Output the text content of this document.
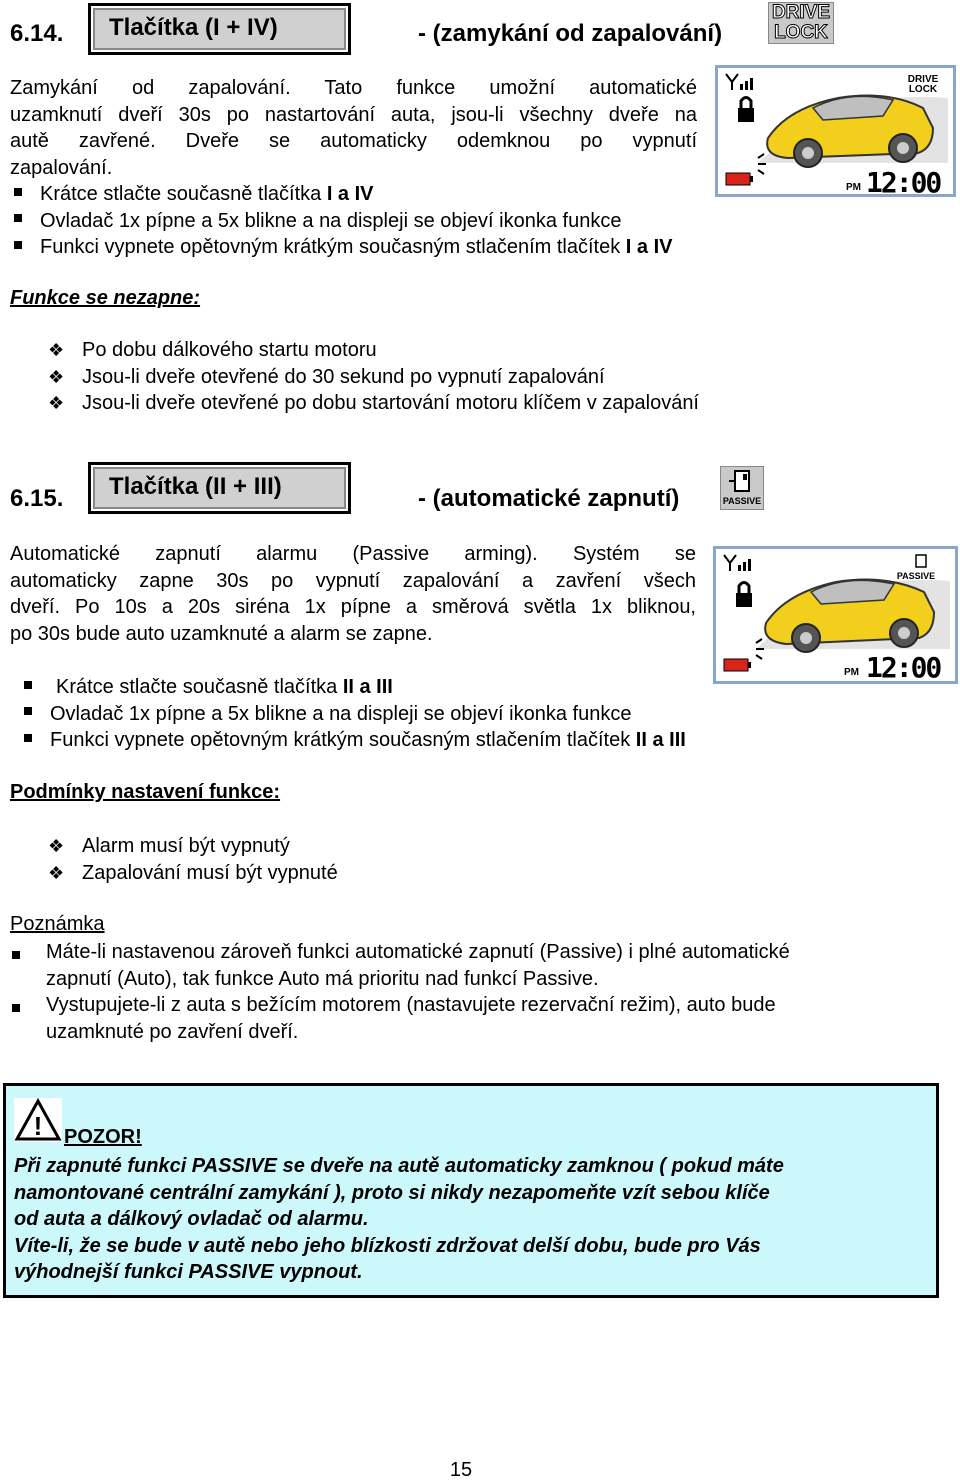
6.14.	Tlačítka (I + IV)	- (zamykání od zapalování)
DRIVE
LOCK
Zamykání od zapalování. Tato funkce umožní automatické
uzamknutí dveří 30s po nastartování auta, jsou-li všechny dveře na
autě zavřené. Dveře se automaticky odemknou po vypnutí
zapalování.
Krátce stlačte současně tlačítka I a IV
Ovladač 1x pípne a 5x blikne a na displeji se objeví ikonka funkce
Funkci vypnete opětovným krátkým současným stlačením tlačítek I a IV
DRIVE
LOCK
PM 12:00
Funkce se nezapne:
❖ Po dobu dálkového startu motoru
❖ Jsou-li dveře otevřené do 30 sekund po vypnutí zapalování
❖ Jsou-li dveře otevřené po dobu startování motoru klíčem v zapalování
6.15.	Tlačítka (II + III)	- (automatické zapnutí)	PASSIVE
Automatické zapnutí alarmu (Passive arming). Systém se
automaticky zapne 30s po vypnutí zapalování a zavření všech
dveří. Po 10s a 20s siréna 1x pípne a směrová světla 1x bliknou,
po 30s bude auto uzamknuté a alarm se zapne.
PASSIVE
PM 12:00
Krátce stlačte současně tlačítka II a III
Ovladač 1x pípne a 5x blikne a na displeji se objeví ikonka funkce
Funkci vypnete opětovným krátkým současným stlačením tlačítek II a III
Podmínky nastavení funkce:
❖ Alarm musí být vypnutý
❖ Zapalování musí být vypnuté
Poznámka
Máte-li nastavenou zároveň funkci automatické zapnutí (Passive) i plné automatické
zapnutí (Auto), tak funkce Auto má prioritu nad funkcí Passive.
Vystupujete-li z auta s bežícím motorem (nastavujete rezervační režim), auto bude
uzamknuté po zavření dveří.
! POZOR!
Při zapnuté funkci PASSIVE se dveře na autě automaticky zamknou ( pokud máte
namontované centrální zamykání ), proto si nikdy nezapomeňte vzít sebou klíče
od auta a dálkový ovladač od alarmu.
Víte-li, že se bude v autě nebo jeho blízkosti zdržovat delší dobu, bude pro Vás
výhodnejší funkci PASSIVE vypnout.
15
